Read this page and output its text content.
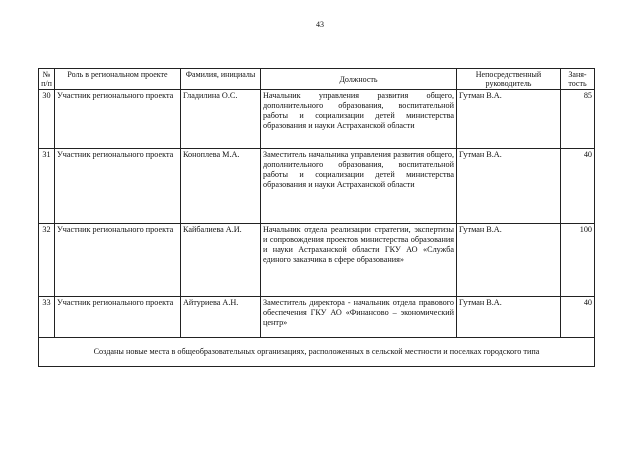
43
№ п/п	Роль в региональном проекте	Фамилия, инициалы	Должность	Непосредственный руководитель	Заня-тость
30	Участник регионального проекта	Гладилина О.С.	Начальник управления развития общего, дополнительного образования, воспитательной работы и социализации детей министерства образования и науки Астраханской области	Гутман В.А.	85
31	Участник регионального проекта	Коноплева М.А.	Заместитель начальника управления развития общего, дополнительного образования, воспитательной работы и социализации детей министерства образования и науки Астраханской области	Гутман В.А.	40
32	Участник регионального проекта	Кайбалиева А.И.	Начальник отдела реализации стратегии, экспертизы и сопровождения проектов министерства образования и науки Астраханской области ГКУ АО «Служба единого заказчика в сфере образования»	Гутман В.А.	100
33	Участник регионального проекта	Айтуриева А.Н.	Заместитель директора - начальник отдела правового обеспечения ГКУ АО «Финансово – экономический центр»	Гутман В.А.	40
Созданы новые места в общеобразовательных организациях, расположенных в сельской местности и поселках городского типа					
